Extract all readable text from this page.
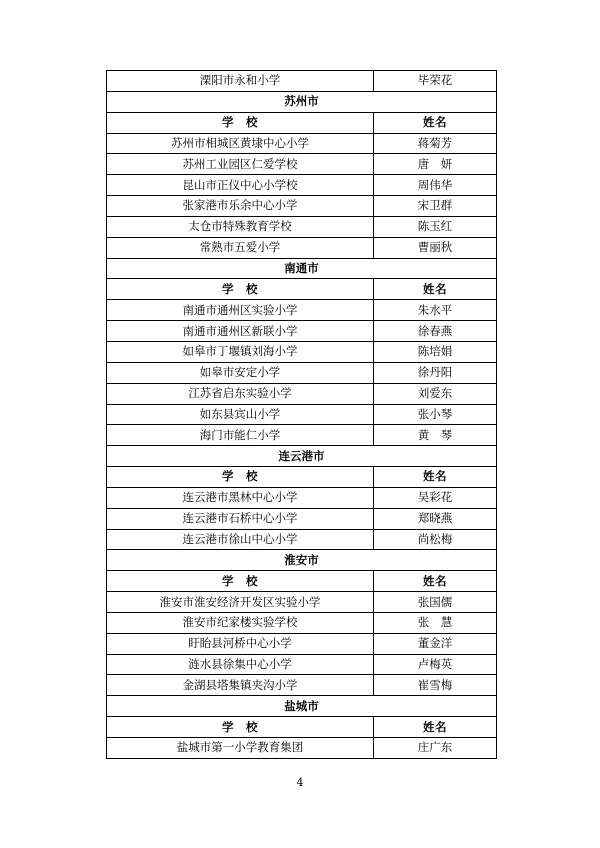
溧阳市永和小学	毕荣花
苏州市	
学　校	姓名
苏州市相城区黄埭中心小学	蒋菊芳
苏州工业园区仁爱学校	唐　妍
昆山市正仪中心小学校	周伟华
张家港市乐余中心小学	宋卫群
太仓市特殊教育学校	陈玉红
常熟市五爱小学	曹丽秋
南通市	
学　校	姓名
南通市通州区实验小学	朱水平
南通市通州区新联小学	徐春燕
如皋市丁堰镇刘海小学	陈培娟
如皋市安定小学	徐丹阳
江苏省启东实验小学	刘爱东
如东县宾山小学	张小琴
海门市能仁小学	黄　琴
连云港市	
学　校	姓名
连云港市黑林中心小学	吴彩花
连云港市石桥中心小学	郑晓燕
连云港市徐山中心小学	尚松梅
淮安市	
学　校	姓名
淮安市淮安经济开发区实验小学	张国儒
淮安市纪家楼实验学校	张　慧
盱眙县河桥中心小学	董金洋
涟水县徐集中心小学	卢梅英
金湖县塔集镇夹沟小学	崔雪梅
盐城市	
学　校	姓名
盐城市第一小学教育集团	庄广东
4
